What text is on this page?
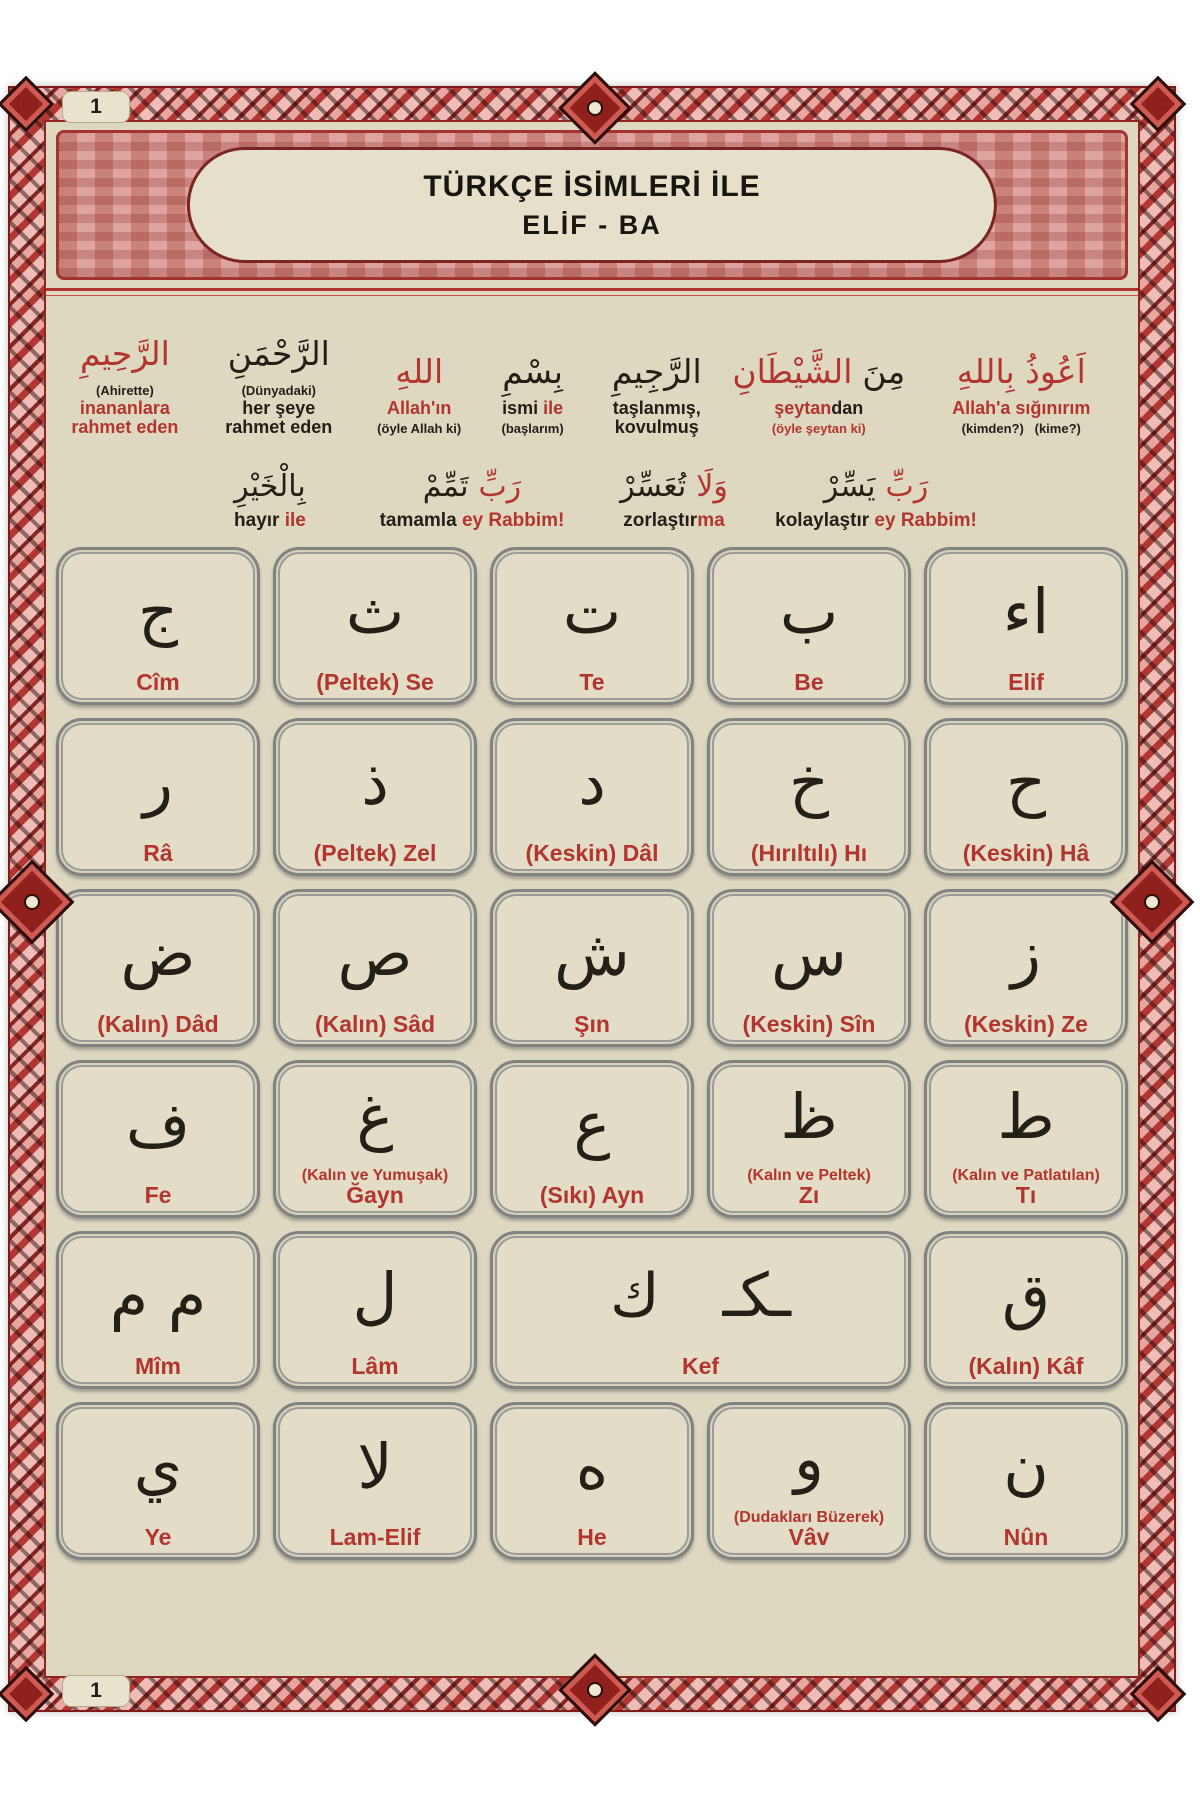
1
1
TÜRKÇE İSİMLERİ İLE
ELİF - BA
الرَّحِيمِ
(Ahirette)
inananlara
rahmet eden
الرَّحْمَنِ
(Dünyadaki)
her şeye
rahmet eden
اللهِ
Allah'ın
(öyle Allah ki)
بِسْمِ
ismi ile
(başlarım)
الرَّجِيمِ
taşlanmış,
kovulmuş
مِنَ
الشَّيْطَانِ
şeytandan
(öyle şeytan ki)
اَعُوذُ بِاللهِ
Allah'a sığınırım
(kimden?)   (kime?)
بِالْخَيْرِ
hayır ile
رَبِّ
تَمِّمْ
tamamla ey Rabbim!
وَلَا
تُعَسِّرْ
zorlaştırma
رَبِّ
يَسِّرْ
kolaylaştır ey Rabbim!
ج
Cîm
ث
(Peltek) Se
ت
Te
ب
Be
اء
Elif
ر
Râ
ذ
(Peltek) Zel
د
(Keskin) Dâl
خ
(Hırıltılı) Hı
ح
(Keskin) Hâ
ض
(Kalın) Dâd
ص
(Kalın) Sâd
ش
Şın
س
(Keskin) Sîn
ز
(Keskin) Ze
ف
Fe
غ
(Kalın ve Yumuşak)
Ğayn
ع
(Sıkı) Ayn
ظ
(Kalın ve Peltek)
Zı
ط
(Kalın ve Patlatılan)
Tı
م م
Mîm
ل
Lâm
ـكـ ك
Kef
ق
(Kalın) Kâf
ي
Ye
لا
Lam-Elif
ه
He
و
(Dudakları Büzerek)
Vâv
ن
Nûn
